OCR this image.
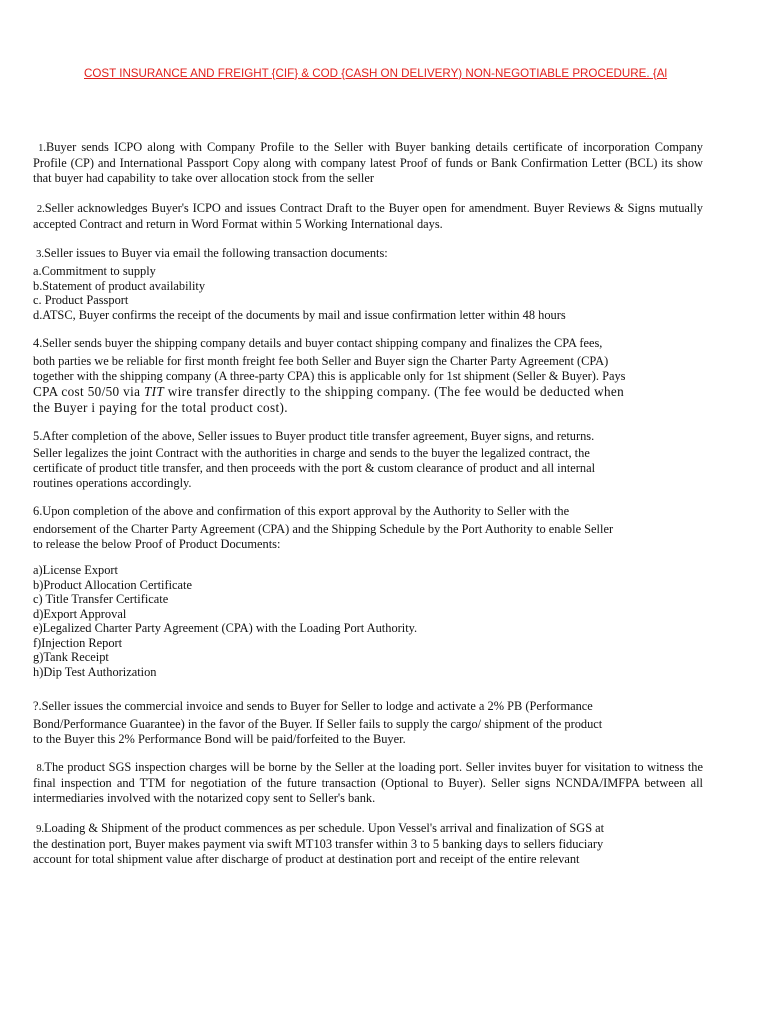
COST INSURANCE AND FREIGHT {CIF} & COD {CASH ON DELIVERY) NON-NEGOTIABLE PROCEDURE. {Al

1.Buyer sends ICPO along with Company Profile to the Seller with Buyer banking details certificate of incorporation Company Profile (CP) and International Passport Copy along with company latest Proof of funds or Bank Confirmation Letter (BCL) its show that buyer had capability to take over allocation stock from the seller

2.Seller acknowledges Buyer's ICPO and issues Contract Draft to the Buyer open for amendment. Buyer Reviews & Signs mutually accepted Contract and return in Word Format within 5 Working International days.

3.Seller issues to Buyer via email the following transaction documents:

a.Commitment to supply
b.Statement of product availability
c. Product Passport
d.ATSC, Buyer confirms the receipt of the documents by mail and issue confirmation letter within 48 hours
4.Seller sends buyer the shipping company details and buyer contact shipping company and finalizes the CPA fees,
both parties we be reliable for first month freight fee both Seller and Buyer sign the Charter Party Agreement (CPA)
together with the shipping company (A three-party CPA) this is applicable only for 1st shipment (Seller & Buyer). Pays
CPA cost 50/50 via TIT wire transfer directly to the shipping company. (The fee would be deducted when
the Buyer i paying for the total product cost).
5.After completion of the above, Seller issues to Buyer product title transfer agreement, Buyer signs, and returns.
Seller legalizes the joint Contract with the authorities in charge and sends to the buyer the legalized contract, the
certificate of product title transfer, and then proceeds with the port & custom clearance of product and all internal
routines operations accordingly.
6.Upon completion of the above and confirmation of this export approval by the Authority to Seller with the
endorsement of the Charter Party Agreement (CPA) and the Shipping Schedule by the Port Authority to enable Seller
to release the below Proof of Product Documents:
a)License Export
b)Product Allocation Certificate
c) Title Transfer Certificate
d)Export Approval
e)Legalized Charter Party Agreement (CPA) with the Loading Port Authority.
f)Injection Report
g)Tank Receipt
h)Dip Test Authorization
?.Seller issues the commercial invoice and sends to Buyer for Seller to lodge and activate a 2% PB (Performance
Bond/Performance Guarantee) in the favor of the Buyer. If Seller fails to supply the cargo/ shipment of the product
to the Buyer this 2% Performance Bond will be paid/forfeited to the Buyer.

8.The product SGS inspection charges will be borne by the Seller at the loading port. Seller invites buyer for visitation to witness the final inspection and TTM for negotiation of the future transaction (Optional to Buyer). Seller signs NCNDA/IMFPA between all intermediaries involved with the notarized copy sent to Seller's bank.

9.Loading & Shipment of the product commences as per schedule. Upon Vessel's arrival and finalization of SGS at
the destination port, Buyer makes payment via swift MT103 transfer within 3 to 5 banking days to sellers fiduciary
account for total shipment value after discharge of product at destination port and receipt of the entire relevant
